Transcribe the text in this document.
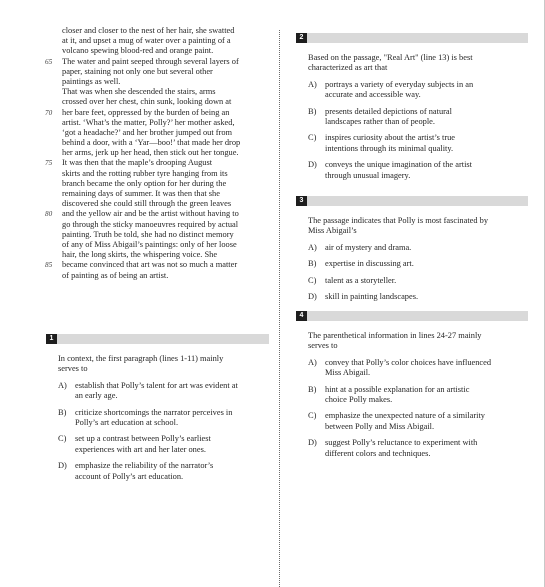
closer and closer to the nest of her hair, she swatted
at it, and upset a mug of water over a painting of a
volcano spewing blood-red and orange paint.
65	The water and paint seeped through several layers of
paper, staining not only one but several other
paintings as well.
That was when she descended the stairs, arms
crossed over her chest, chin sunk, looking down at
70	her bare feet, oppressed by the burden of being an
artist. ‘What’s the matter, Polly?’ her mother asked,
‘got a headache?’ and her brother jumped out from
behind a door, with a ‘Yar—boo!’ that made her drop
her arms, jerk up her head, then stick out her tongue.
75	It was then that the maple’s drooping August
skirts and the rotting rubber tyre hanging from its
branch became the only option for her during the
remaining days of summer. It was then that she
discovered she could still through the green leaves
80	and the yellow air and be the artist without having to
go through the sticky manoeuvres required by actual
painting. Truth be told, she had no distinct memory
of any of Miss Abigail’s paintings: only of her loose
hair, the long skirts, the whispering voice. She
85	became convinced that art was not so much a matter
of painting as of being an artist.
1
In context, the first paragraph (lines 1-11) mainly
serves to
A) establish that Polly’s talent for art was evident at
an early age.
B) criticize shortcomings the narrator perceives in
Polly’s art education at school.
C) set up a contrast between Polly’s earliest
experiences with art and her later ones.
D) emphasize the reliability of the narrator’s
account of Polly’s art education.
2
Based on the passage, "Real Art" (line 13) is best
characterized as art that
A) portrays a variety of everyday subjects in an
accurate and accessible way.
B) presents detailed depictions of natural
landscapes rather than of people.
C) inspires curiosity about the artist’s true
intentions through its minimal quality.
D) conveys the unique imagination of the artist
through unusual imagery.
3
The passage indicates that Polly is most fascinated by
Miss Abigail’s
A) air of mystery and drama.
B) expertise in discussing art.
C) talent as a storyteller.
D) skill in painting landscapes.
4
The parenthetical information in lines 24-27 mainly
serves to
A) convey that Polly’s color choices have influenced
Miss Abigail.
B) hint at a possible explanation for an artistic
choice Polly makes.
C) emphasize the unexpected nature of a similarity
between Polly and Miss Abigail.
D) suggest Polly’s reluctance to experiment with
different colors and techniques.
